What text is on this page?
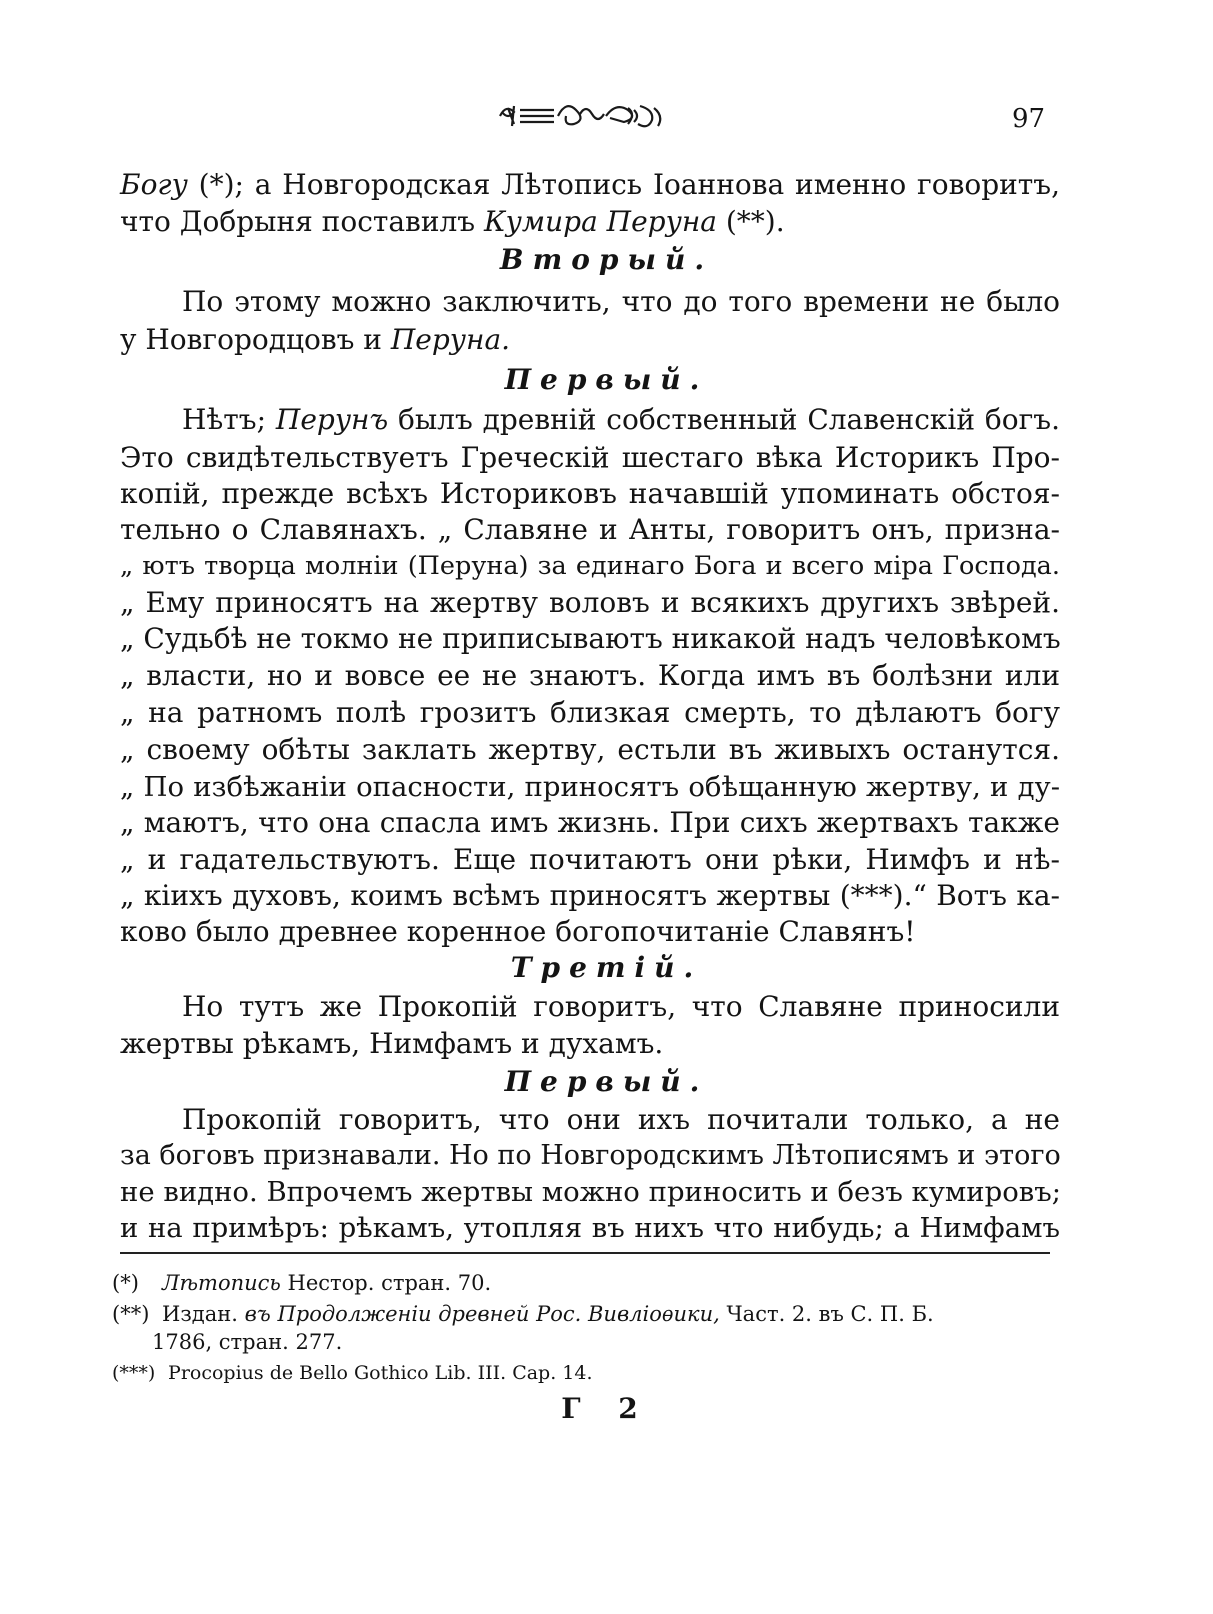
97
Богу (*); а Новгородская Лѣтопись Іоаннова именно говоритъ,
что Добрыня поставилъ Кумира Перуна (**).
Вторый.
По этому можно заключить, что до того времени не было
у Новгородцовъ и Перуна.
Первый.
Нѣтъ; Перунъ былъ древній собственный Славенскій богъ.
Это свидѣтельствуетъ Греческій шестаго вѣка Историкъ Про-
копій, прежде всѣхъ Историковъ начавшій упоминать обстоя-
тельно о Славянахъ. „ Славяне и Анты, говоритъ онъ, призна-
„ ютъ творца молніи (Перуна) за единаго Бога и всего міра Господа.
„ Ему приносятъ на жертву воловъ и всякихъ другихъ звѣрей.
„ Судьбѣ не токмо не приписываютъ никакой надъ человѣкомъ
„ власти, но и вовсе ее не знаютъ. Когда имъ въ болѣзни или
„ на ратномъ полѣ грозитъ близкая смерть, то дѣлаютъ богу
„ своему обѣты заклать жертву, естьли въ живыхъ останутся.
„ По избѣжаніи опасности, приносятъ обѣщанную жертву, и ду-
„ маютъ, что она спасла имъ жизнь. При сихъ жертвахъ также
„ и гадательствуютъ. Еще почитаютъ они рѣки, Нимфъ и нѣ-
„ кіихъ духовъ, коимъ всѣмъ приносятъ жертвы (***).“ Вотъ ка-
ково было древнее коренное богопочитаніе Славянъ!
Третій.
Но тутъ же Прокопій говоритъ, что Славяне приносили
жертвы рѣкамъ, Нимфамъ и духамъ.
Первый.
Прокопій говоритъ, что они ихъ почитали только, а не
за боговъ признавали. Но по Новгородскимъ Лѣтописямъ и этого
не видно. Впрочемъ жертвы можно приносить и безъ кумировъ;
и на примѣръ: рѣкамъ, утопляя въ нихъ что нибудь; а Нимфамъ
(*) Лѣтопись Нестор. стран. 70.
(**) Издан. въ Продолженіи древней Рос. Вивліоѳики, Част. 2. въ С. П. Б.
1786, стран. 277.
(***) Procopius de Bello Gothico Lib. III. Cap. 14.
Г 2
